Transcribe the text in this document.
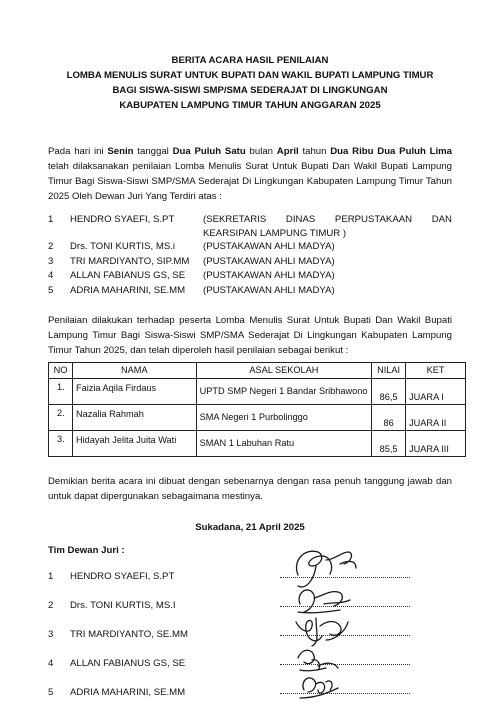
BERITA ACARA HASIL PENILAIAN
LOMBA MENULIS SURAT UNTUK BUPATI DAN WAKIL BUPATI LAMPUNG TIMUR
BAGI SISWA-SISWI SMP/SMA SEDERAJAT DI LINGKUNGAN
KABUPATEN LAMPUNG TIMUR TAHUN ANGGARAN 2025
Pada hari ini Senin tanggal Dua Puluh Satu bulan April tahun Dua Ribu Dua Puluh Lima
telah dilaksanakan penilaian Lomba Menulis Surat Untuk Bupati Dan Wakil Bupati Lampung Timur Bagi Siswa-Siswi SMP/SMA Sederajat Di Lingkungan Kabupaten Lampung Timur Tahun 2025 Oleh Dewan Juri Yang Terdiri atas :
1 HENDRO SYAEFI, S.PT	(SEKRETARIS DINAS PERPUSTAKAAN DAN KEARSIPAN LAMPUNG TIMUR )
2 Drs. TONI KURTIS, MS.i	(PUSTAKAWAN AHLI MADYA)
3 TRI MARDIYANTO, SIP.MM (PUSTAKAWAN AHLI MADYA)
4 ALLAN FABIANUS GS, SE (PUSTAKAWAN AHLI MADYA)
5 ADRIA MAHARINI, SE.MM (PUSTAKAWAN AHLI MADYA)
Penilaian dilakukan terhadap peserta Lomba Menulis Surat Untuk Bupati Dan Wakil Bupati Lampung Timur Bagi Siswa-Siswi SMP/SMA Sederajat Di Lingkungan Kabupaten Lampung Timur Tahun 2025, dan telah diperoleh hasil penilaian sebagai berikut :
NO	NAMA	ASAL SEKOLAH	NILAI	KET
1.	Faizia Aqila Firdaus	UPTD SMP Negeri 1 Bandar Sribhawono	86,5	JUARA I
2.	Nazalia Rahmah	SMA Negeri 1 Purbolinggo	86	JUARA II
3.	Hidayah Jelita Juita Wati	SMAN 1 Labuhan Ratu	85,5	JUARA III
Demikian berita acara ini dibuat dengan sebenarnya dengan rasa penuh tanggung jawab dan untuk dapat dipergunakan sebagaimana mestinya.
Sukadana, 21 April 2025
Tim Dewan Juri :
1 HENDRO SYAEFI, S.PT
2 Drs. TONI KURTIS, MS.I
3 TRI MARDIYANTO, SE.MM
4 ALLAN FABIANUS GS, SE
5 ADRIA MAHARINI, SE.MM
